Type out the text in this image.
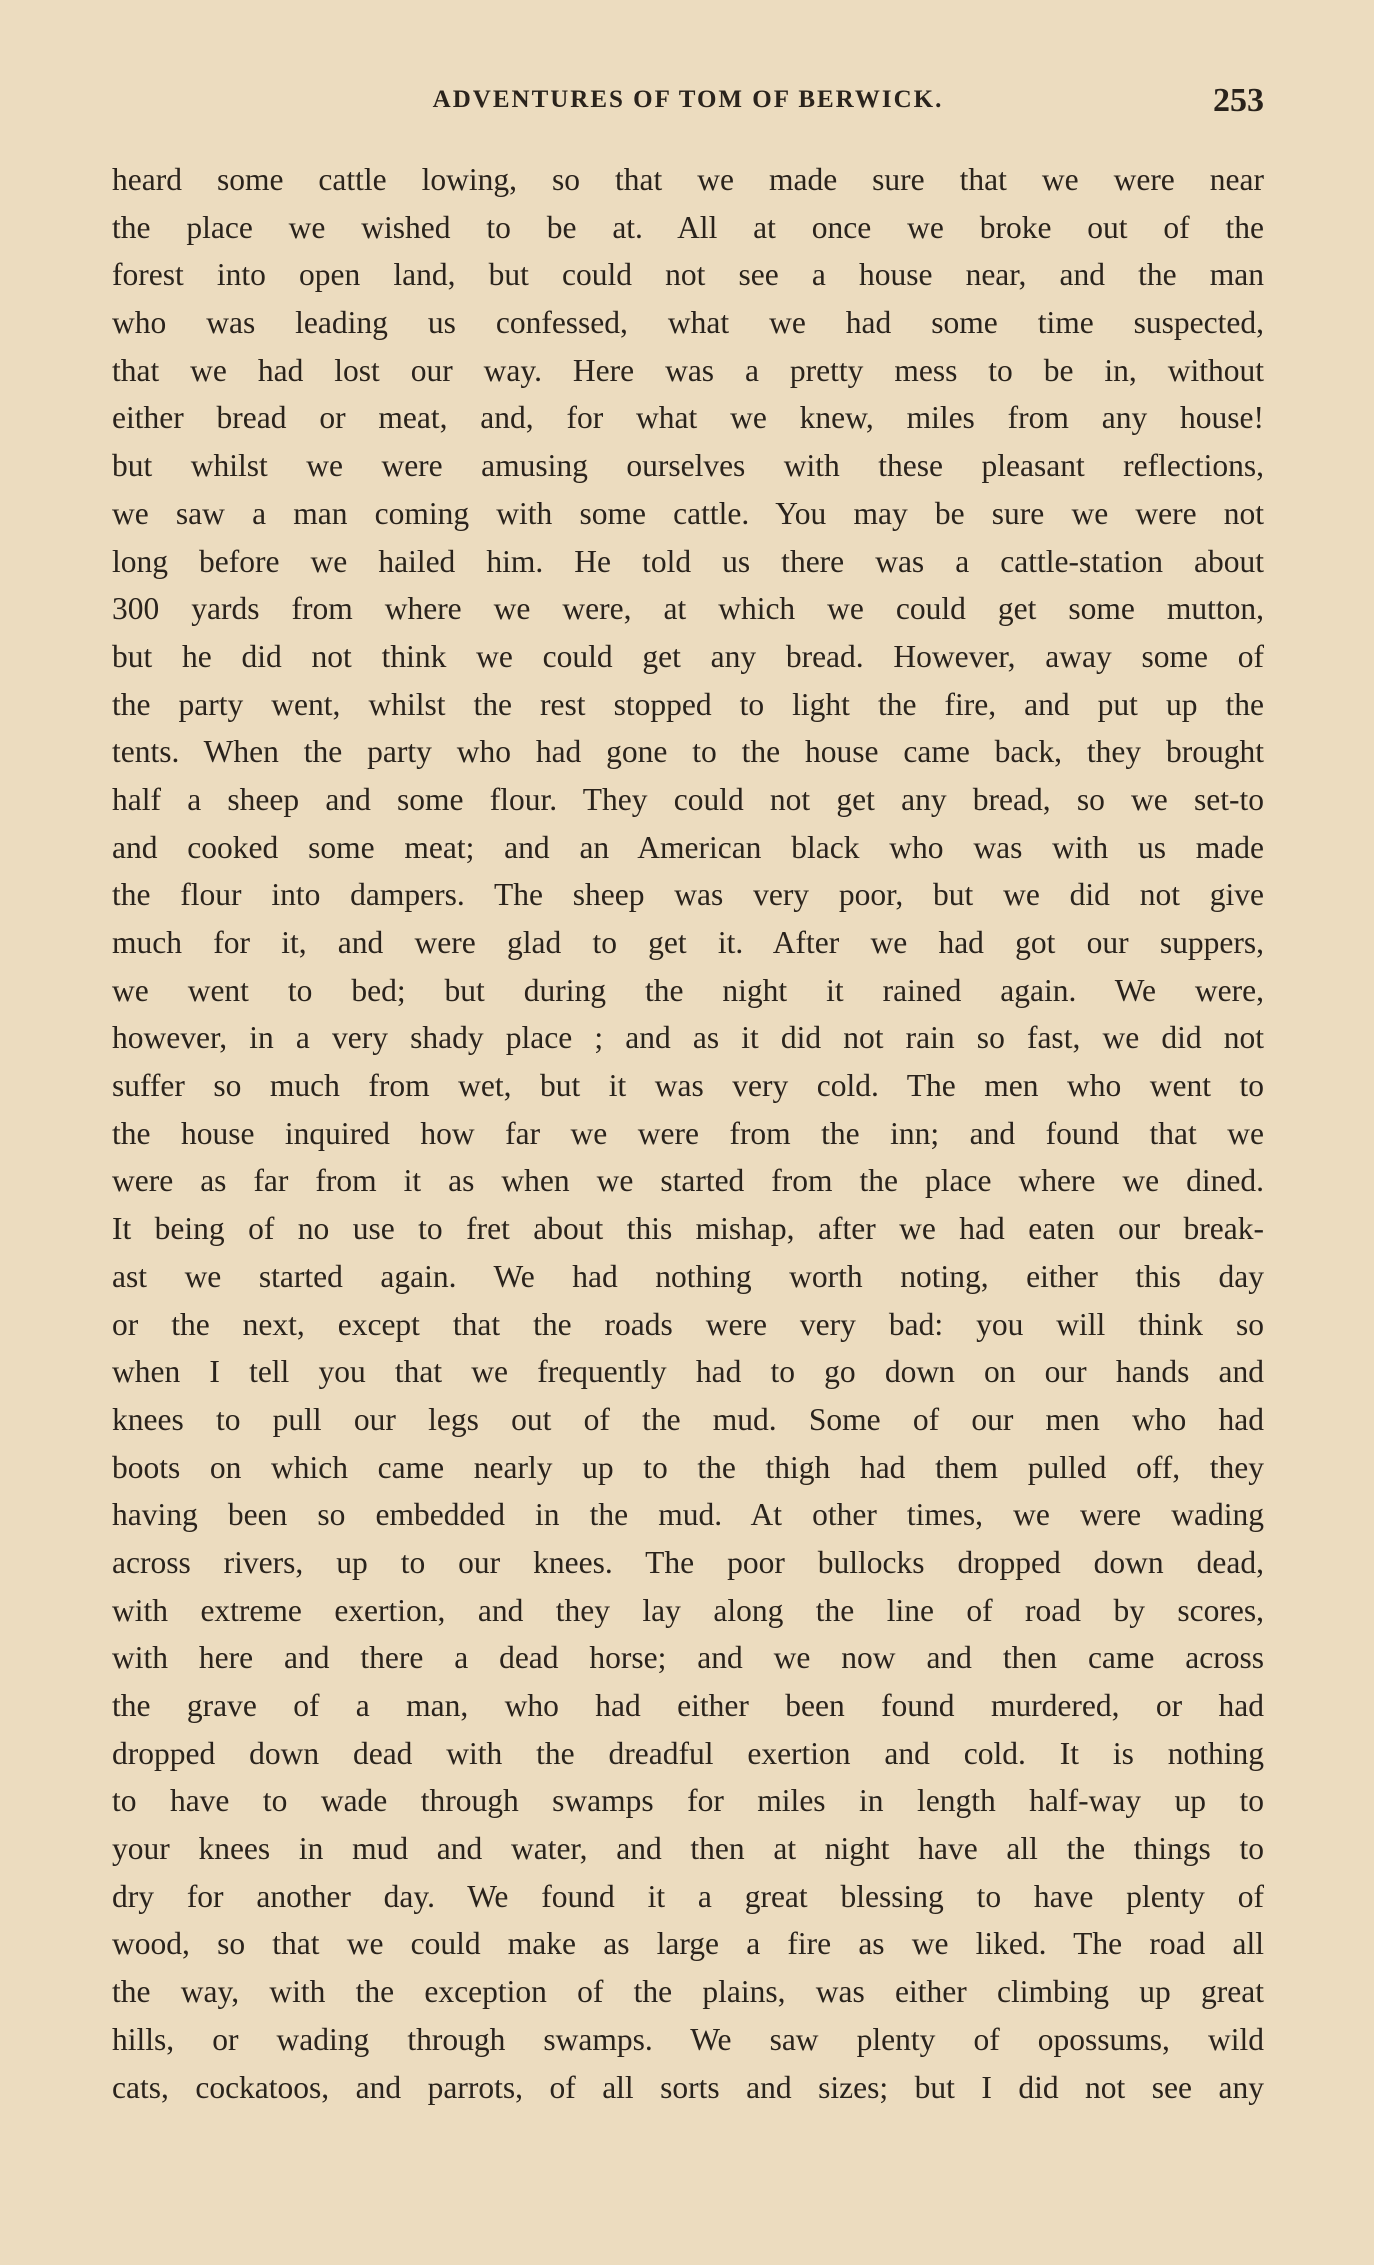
ADVENTURES OF TOM OF BERWICK.	253
heard some cattle lowing, so that we made sure that we were near
the place we wished to be at. All at once we broke out of the
forest into open land, but could not see a house near, and the man
who was leading us confessed, what we had some time suspected,
that we had lost our way. Here was a pretty mess to be in, without
either bread or meat, and, for what we knew, miles from any house!
but whilst we were amusing ourselves with these pleasant reflections,
we saw a man coming with some cattle. You may be sure we were not
long before we hailed him. He told us there was a cattle-station about
300 yards from where we were, at which we could get some mutton,
but he did not think we could get any bread. However, away some of
the party went, whilst the rest stopped to light the fire, and put up the
tents. When the party who had gone to the house came back, they brought
half a sheep and some flour. They could not get any bread, so we set-to
and cooked some meat; and an American black who was with us made
the flour into dampers. The sheep was very poor, but we did not give
much for it, and were glad to get it. After we had got our suppers,
we went to bed; but during the night it rained again. We were,
however, in a very shady place ; and as it did not rain so fast, we did not
suffer so much from wet, but it was very cold. The men who went to
the house inquired how far we were from the inn; and found that we
were as far from it as when we started from the place where we dined.
It being of no use to fret about this mishap, after we had eaten our break-
ast we started again. We had nothing worth noting, either this day
or the next, except that the roads were very bad: you will think so
when I tell you that we frequently had to go down on our hands and
knees to pull our legs out of the mud. Some of our men who had
boots on which came nearly up to the thigh had them pulled off, they
having been so embedded in the mud. At other times, we were wading
across rivers, up to our knees. The poor bullocks dropped down dead,
with extreme exertion, and they lay along the line of road by scores,
with here and there a dead horse; and we now and then came across
the grave of a man, who had either been found murdered, or had
dropped down dead with the dreadful exertion and cold. It is nothing
to have to wade through swamps for miles in length half-way up to
your knees in mud and water, and then at night have all the things to
dry for another day. We found it a great blessing to have plenty of
wood, so that we could make as large a fire as we liked. The road all
the way, with the exception of the plains, was either climbing up great
hills, or wading through swamps. We saw plenty of opossums, wild
cats, cockatoos, and parrots, of all sorts and sizes; but I did not see any
